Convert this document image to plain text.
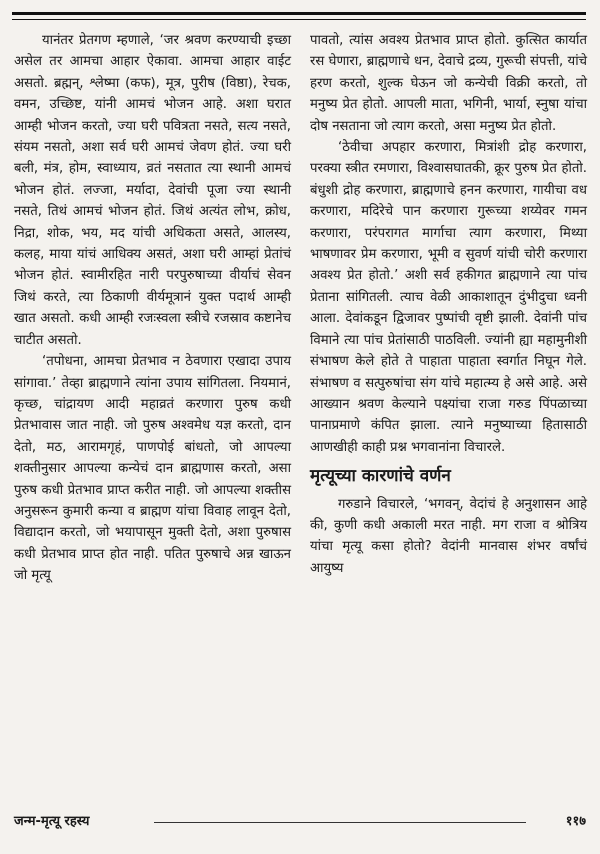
यानंतर प्रेतगण म्हणाले, ‘जर श्रवण करण्याची इच्छा असेल तर आमचा आहार ऐकावा. आमचा आहार वाईट असतो. ब्रह्मन्, श्लेष्मा (कफ), मूत्र, पुरीष (विष्ठा), रेचक, वमन, उच्छिष्ट, यांनी आमचं भोजन आहे. अशा घरात आम्ही भोजन करतो, ज्या घरी पवित्रता नसते, सत्य नसते, संयम नसतो, अशा सर्व घरी आमचं जेवण होतं. ज्या घरी बली, मंत्र, होम, स्वाध्याय, व्रतं नसतात त्या स्थानी आमचं भोजन होतं. लज्जा, मर्यादा, देवांची पूजा ज्या स्थानी नसते, तिथं आमचं भोजन होतं. जिथं अत्यंत लोभ, क्रोध, निद्रा, शोक, भय, मद यांची अधिकता असते, आलस्य, कलह, माया यांचं आधिक्य असतं, अशा घरी आम्हां प्रेतांचं भोजन होतं. स्वामीरहित नारी परपुरुषाच्या वीर्याचं सेवन जिथं करते, त्या ठिकाणी वीर्यमूत्रानं युक्त पदार्थ आम्ही खात असतो. कधी आम्ही रजःस्वला स्त्रीचे रजस्राव कष्टानेच चाटीत असतो.

‘तपोधना, आमचा प्रेतभाव न ठेवणारा एखादा उपाय सांगावा.’ तेव्हा ब्राह्मणाने त्यांना उपाय सांगितला. नियमानं, कृच्छ, चांद्रायण आदी महाव्रतं करणारा पुरुष कधी प्रेतभावास जात नाही. जो पुरुष अश्वमेध यज्ञ करतो, दान देतो, मठ, आरामगृहं, पाणपोई बांधतो, जो आपल्या शक्तीनुसार आपल्या कन्येचं दान ब्राह्मणास करतो, असा पुरुष कधी प्रेतभाव प्राप्त करीत नाही. जो आपल्या शक्तीस अनुसरून कुमारी कन्या व ब्राह्मण यांचा विवाह लावून देतो, विद्यादान करतो, जो भयापासून मुक्ती देतो, अशा पुरुषास कधी प्रेतभाव प्राप्त होत नाही. पतित पुरुषाचे अन्न खाऊन जो मृत्यू

पावतो, त्यांस अवश्य प्रेतभाव प्राप्त होतो. कुत्सित कार्यात रस घेणारा, ब्राह्मणाचे धन, देवाचे द्रव्य, गुरूची संपत्ती, यांचे हरण करतो, शुल्क घेऊन जो कन्येची विक्री करतो, तो मनुष्य प्रेत होतो. आपली माता, भगिनी, भार्या, स्नुषा यांचा दोष नसताना जो त्याग करतो, असा मनुष्य प्रेत होतो.

‘ठेवीचा अपहार करणारा, मित्रांशी द्रोह करणारा, परक्या स्त्रीत रमणारा, विश्वासघातकी, क्रूर पुरुष प्रेत होतो. बंधुशी द्रोह करणारा, ब्राह्मणाचे हनन करणारा, गायीचा वध करणारा, मदिरेचे पान करणारा गुरूच्या शय्येवर गमन करणारा, परंपरागत मार्गाचा त्याग करणारा, मिथ्या भाषणावर प्रेम करणारा, भूमी व सुवर्ण यांची चोरी करणारा अवश्य प्रेत होतो.’ अशी सर्व हकीगत ब्राह्मणाने त्या पांच प्रेताना सांगितली. त्याच वेळी आकाशातून दुंभीदुचा ध्वनी आला. देवांकडून द्विजावर पुष्पांची वृष्टी झाली. देवांनी पांच विमाने त्या पांच प्रेतांसाठी पाठविली. ज्यांनी ह्या महामुनीशी संभाषण केले होते ते पाहाता पाहाता स्वर्गात निघून गेले. संभाषण व सत्पुरुषांचा संग यांचे महात्म्य हे असे आहे. असे आख्यान श्रवण केल्याने पक्ष्यांचा राजा गरुड पिंपळाच्या पानाप्रमाणे कंपित झाला. त्याने मनुष्याच्या हितासाठी आणखीही काही प्रश्न भगवानांना विचारले.

मृत्यूच्या कारणांचे वर्णन

गरुडाने विचारले, ‘भगवन्, वेदांचं हे अनुशासन आहे की, कुणी कधी अकाली मरत नाही. मग राजा व श्रोत्रिय यांचा मृत्यू कसा होतो? वेदांनी मानवास शंभर वर्षांचं आयुष्य

जन्म-मृत्यू रहस्य	११७
